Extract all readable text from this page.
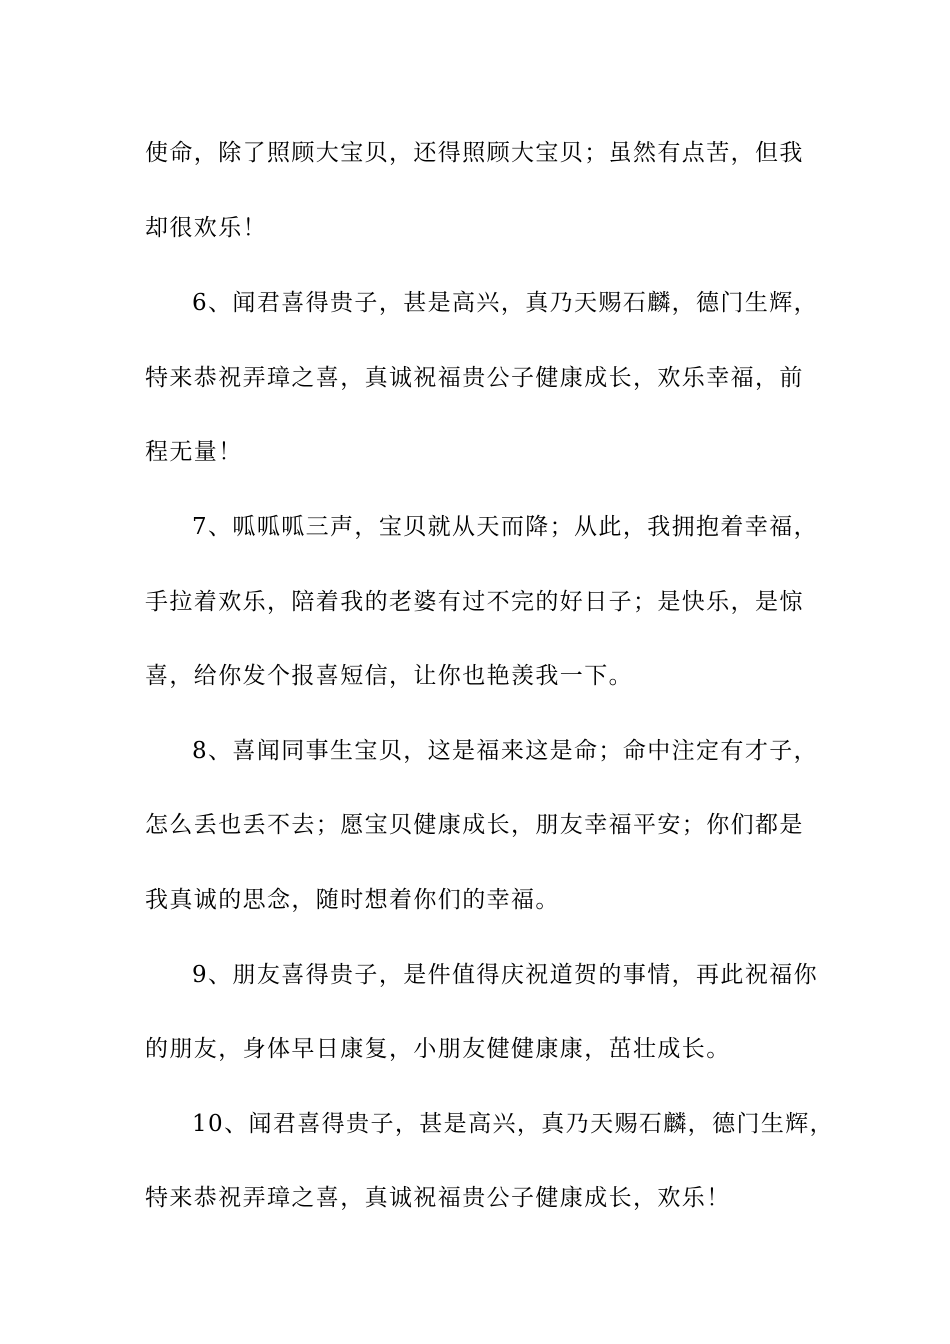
使命，除了照顾大宝贝，还得照顾大宝贝；虽然有点苦，但我
却很欢乐！
6、闻君喜得贵子，甚是高兴，真乃天赐石麟，德门生辉，
特来恭祝弄璋之喜，真诚祝福贵公子健康成长，欢乐幸福，前
程无量！
7、呱呱呱三声，宝贝就从天而降；从此，我拥抱着幸福，
手拉着欢乐，陪着我的老婆有过不完的好日子；是快乐，是惊
喜，给你发个报喜短信，让你也艳羡我一下。
8、喜闻同事生宝贝，这是福来这是命；命中注定有才子，
怎么丢也丢不去；愿宝贝健康成长，朋友幸福平安；你们都是
我真诚的思念，随时想着你们的幸福。
9、朋友喜得贵子，是件值得庆祝道贺的事情，再此祝福你
的朋友，身体早日康复，小朋友健健康康，茁壮成长。
10、闻君喜得贵子，甚是高兴，真乃天赐石麟，德门生辉，
特来恭祝弄璋之喜，真诚祝福贵公子健康成长，欢乐！
